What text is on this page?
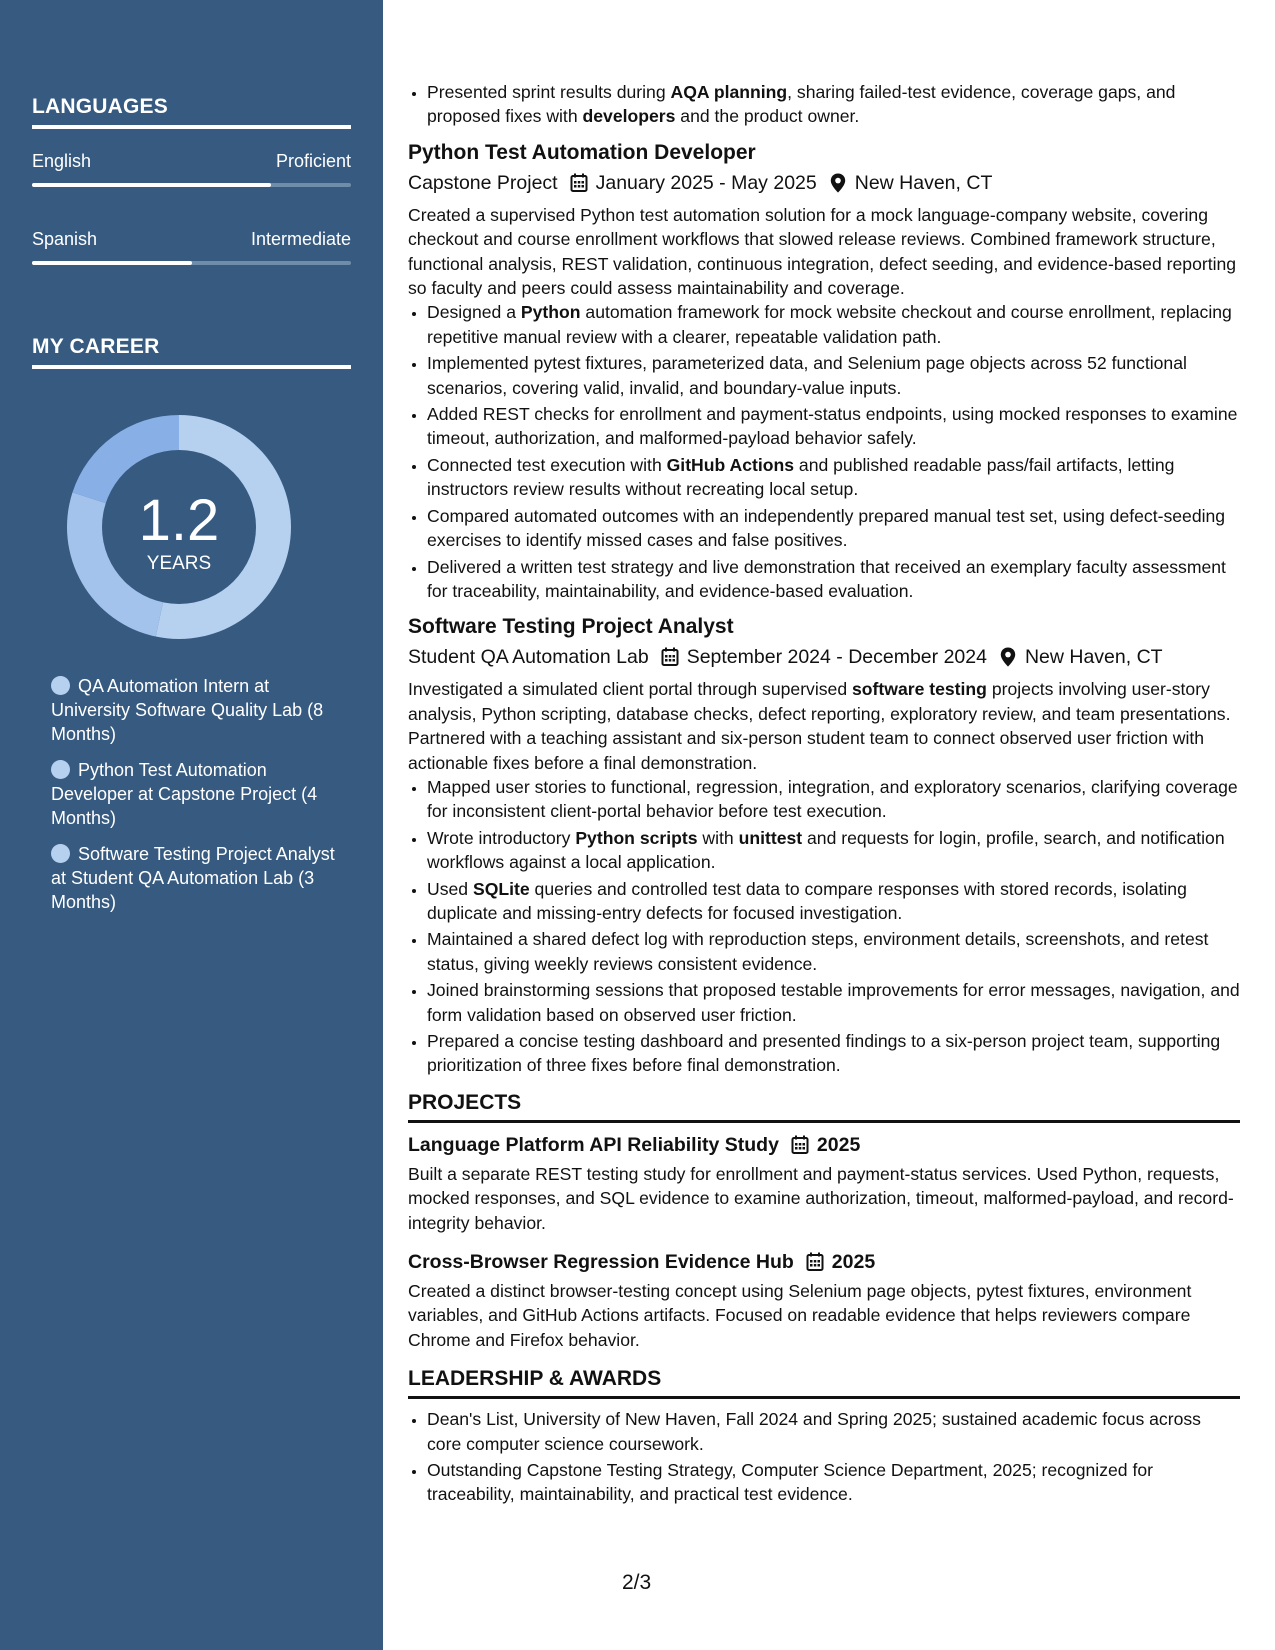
LANGUAGES
English	Proficient
Spanish	Intermediate
MY CAREER
1.2
YEARS
QA Automation Intern at University Software Quality Lab (8 Months)
Python Test Automation Developer at Capstone Project (4 Months)
Software Testing Project Analyst at Student QA Automation Lab (3 Months)
• Presented sprint results during AQA planning, sharing failed-test evidence, coverage gaps, and proposed fixes with developers and the product owner.
Python Test Automation Developer
Capstone Project January 2025 - May 2025 New Haven, CT

Created a supervised Python test automation solution for a mock language-company website, covering checkout and course enrollment workflows that slowed release reviews. Combined framework structure, functional analysis, REST validation, continuous integration, defect seeding, and evidence-based reporting so faculty and peers could assess maintainability and coverage.

• Designed a Python automation framework for mock website checkout and course enrollment, replacing repetitive manual review with a clearer, repeatable validation path.
• Implemented pytest fixtures, parameterized data, and Selenium page objects across 52 functional scenarios, covering valid, invalid, and boundary-value inputs.
• Added REST checks for enrollment and payment-status endpoints, using mocked responses to examine timeout, authorization, and malformed-payload behavior safely.
• Connected test execution with GitHub Actions and published readable pass/fail artifacts, letting instructors review results without recreating local setup.
• Compared automated outcomes with an independently prepared manual test set, using defect-seeding exercises to identify missed cases and false positives.
• Delivered a written test strategy and live demonstration that received an exemplary faculty assessment for traceability, maintainability, and evidence-based evaluation.
Software Testing Project Analyst
Student QA Automation Lab September 2024 - December 2024 New Haven, CT

Investigated a simulated client portal through supervised software testing projects involving user-story analysis, Python scripting, database checks, defect reporting, exploratory review, and team presentations. Partnered with a teaching assistant and six-person student team to connect observed user friction with actionable fixes before a final demonstration.

• Mapped user stories to functional, regression, integration, and exploratory scenarios, clarifying coverage for inconsistent client-portal behavior before test execution.
• Wrote introductory Python scripts with unittest and requests for login, profile, search, and notification workflows against a local application.
• Used SQLite queries and controlled test data to compare responses with stored records, isolating duplicate and missing-entry defects for focused investigation.
• Maintained a shared defect log with reproduction steps, environment details, screenshots, and retest status, giving weekly reviews consistent evidence.
• Joined brainstorming sessions that proposed testable improvements for error messages, navigation, and form validation based on observed user friction.
• Prepared a concise testing dashboard and presented findings to a six-person project team, supporting prioritization of three fixes before final demonstration.
PROJECTS
Language Platform API Reliability Study 2025

Built a separate REST testing study for enrollment and payment-status services. Used Python, requests, mocked responses, and SQL evidence to examine authorization, timeout, malformed-payload, and record-integrity behavior.

Cross-Browser Regression Evidence Hub 2025

Created a distinct browser-testing concept using Selenium page objects, pytest fixtures, environment variables, and GitHub Actions artifacts. Focused on readable evidence that helps reviewers compare Chrome and Firefox behavior.

LEADERSHIP & AWARDS
• Dean's List, University of New Haven, Fall 2024 and Spring 2025; sustained academic focus across core computer science coursework.
• Outstanding Capstone Testing Strategy, Computer Science Department, 2025; recognized for traceability, maintainability, and practical test evidence.
2/3
